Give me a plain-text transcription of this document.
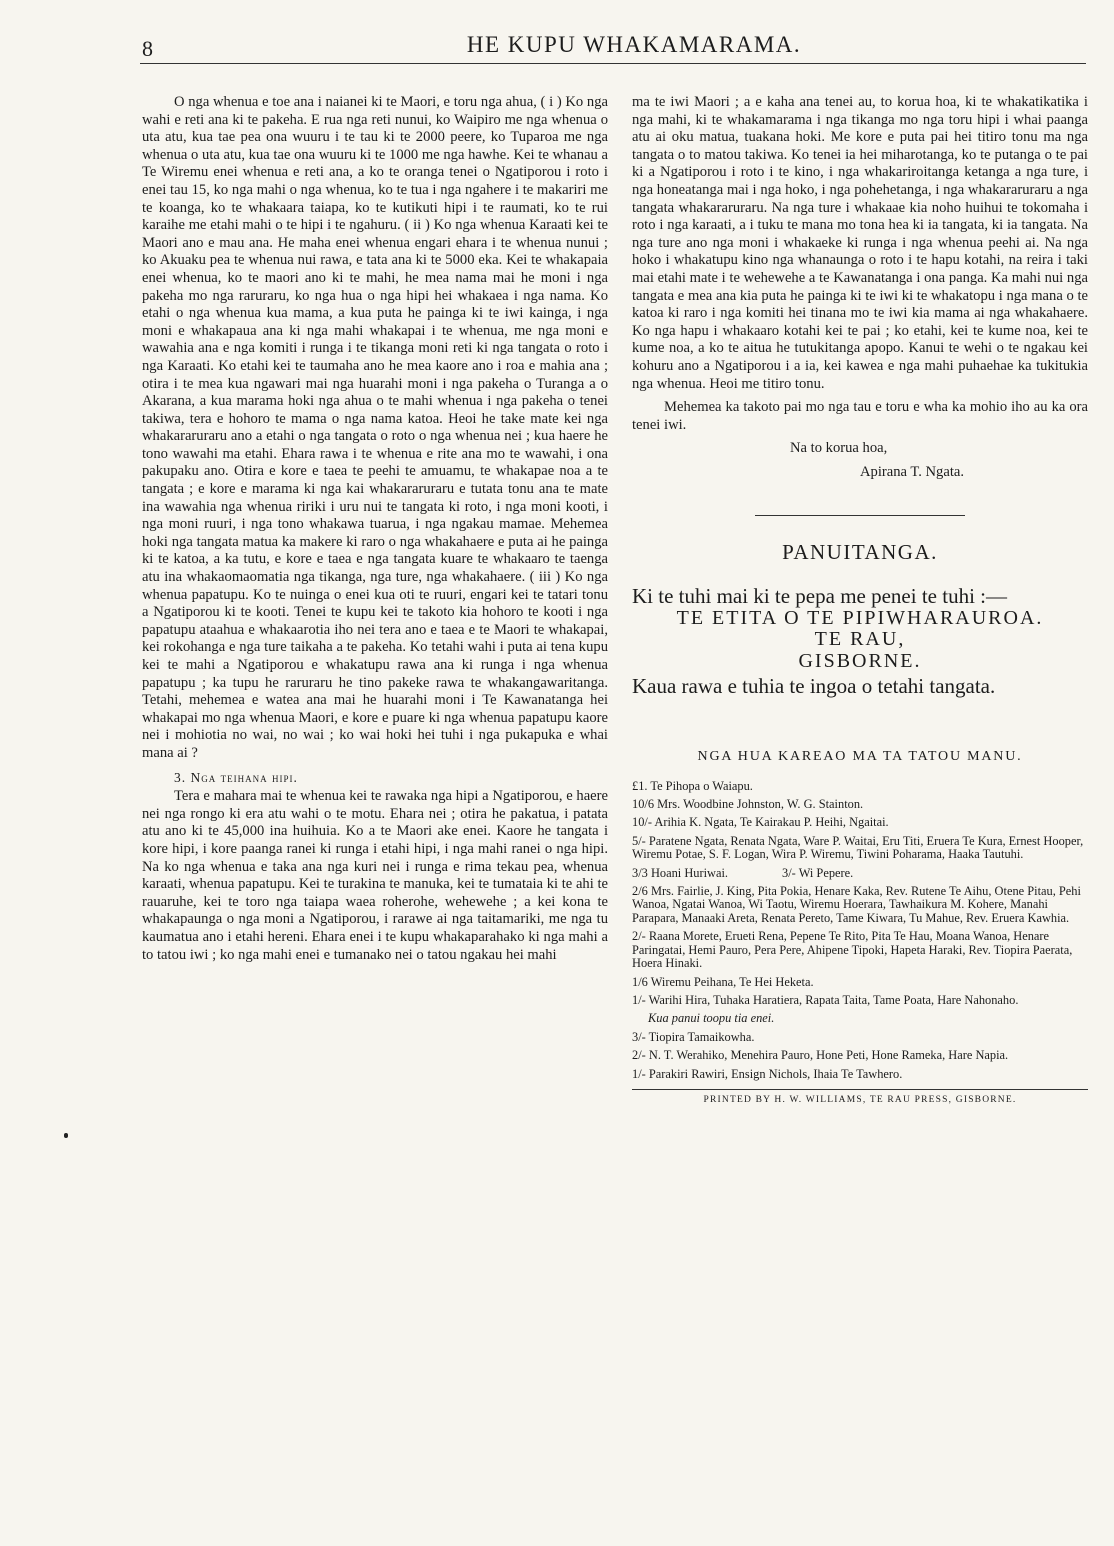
8	HE KUPU WHAKAMARAMA.

O nga whenua e toe ana i naianei ki te Maori, e toru nga ahua, ( i ) Ko nga wahi e reti ana ki te pakeha. E rua nga reti nunui, ko Waipiro me nga whenua o uta atu, kua tae pea ona wuuru i te tau ki te 2000 peere, ko Tuparoa me nga whenua o uta atu, kua tae ona wuuru ki te 1000 me nga hawhe. Kei te whanau a Te Wiremu enei whenua e reti ana, a ko te oranga tenei o Ngatiporou i roto i enei tau 15, ko nga mahi o nga whenua, ko te tua i nga ngahere i te makariri me te koanga, ko te whakaara taiapa, ko te kutikuti hipi i te raumati, ko te rui karaihe me etahi mahi o te hipi i te ngahuru. ( ii ) Ko nga whenua Karaati kei te Maori ano e mau ana. He maha enei whenua engari ehara i te whenua nunui ; ko Akuaku pea te whenua nui rawa, e tata ana ki te 5000 eka. Kei te whakapaia enei whenua, ko te maori ano ki te mahi, he mea nama mai he moni i nga pakeha mo nga raruraru, ko nga hua o nga hipi hei whakaea i nga nama. Ko etahi o nga whenua kua mama, a kua puta he painga ki te iwi kainga, i nga moni e whakapaua ana ki nga mahi whakapai i te whenua, me nga moni e wawahia ana e nga komiti i runga i te tikanga moni reti ki nga tangata o roto i nga Karaati. Ko etahi kei te taumaha ano he mea kaore ano i roa e mahia ana ; otira i te mea kua ngawari mai nga huarahi moni i nga pakeha o Turanga a o Akarana, a kua marama hoki nga ahua o te mahi whenua i nga pakeha o tenei takiwa, tera e hohoro te mama o nga nama katoa. Heoi he take mate kei nga whakararuraru ano a etahi o nga tangata o roto o nga whenua nei ; kua haere he tono wawahi ma etahi. Ehara rawa i te whenua e rite ana mo te wawahi, i ona pakupaku ano. Otira e kore e taea te peehi te amuamu, te whakapae noa a te tangata ; e kore e marama ki nga kai whakararuraru e tutata tonu ana te mate ina wawahia nga whenua ririki i uru nui te tangata ki roto, i nga moni kooti, i nga moni ruuri, i nga tono whakawa tuarua, i nga ngakau mamae. Mehemea hoki nga tangata matua ka makere ki raro o nga whakahaere e puta ai he painga ki te katoa, a ka tutu, e kore e taea e nga tangata kuare te whakaaro te taenga atu ina whakaomaomatia nga tikanga, nga ture, nga whakahaere. ( iii ) Ko nga whenua papatupu. Ko te nuinga o enei kua oti te ruuri, engari kei te tatari tonu a Ngatiporou ki te kooti. Tenei te kupu kei te takoto kia hohoro te kooti i nga papatupu ataahua e whakaarotia iho nei tera ano e taea e te Maori te whakapai, kei rokohanga e nga ture taikaha a te pakeha. Ko tetahi wahi i puta ai tena kupu kei te mahi a Ngatiporou e whakatupu rawa ana ki runga i nga whenua papatupu ; ka tupu he raruraru he tino pakeke rawa te whakangawaritanga. Tetahi, mehemea e watea ana mai he huarahi moni i Te Kawanatanga hei whakapai mo nga whenua Maori, e kore e puare ki nga whenua papatupu kaore nei i mohiotia no wai, no wai ; ko wai hoki hei tuhi i nga pukapuka e whai mana ai ?

3. Nga teihana hipi.

Tera e mahara mai te whenua kei te rawaka nga hipi a Ngatiporou, e haere nei nga rongo ki era atu wahi o te motu. Ehara nei ; otira he pakatua, i patata atu ano ki te 45,000 ina huihuia. Ko a te Maori ake enei. Kaore he tangata i kore hipi, i kore paanga ranei ki runga i etahi hipi, i nga mahi ranei o nga hipi. Na ko nga whenua e taka ana nga kuri nei i runga e rima tekau pea, whenua karaati, whenua papatupu. Kei te turakina te manuka, kei te tumataia ki te ahi te rauaruhe, kei te toro nga taiapa waea roherohe, wehewehe ; a kei kona te whakapaunga o nga moni a Ngatiporou, i rarawe ai nga taitamariki, me nga tu kaumatua ano i etahi hereni. Ehara enei i te kupu whakaparahako ki nga mahi a to tatou iwi ; ko nga mahi enei e tumanako nei o tatou ngakau hei mahi

ma te iwi Maori ; a e kaha ana tenei au, to korua hoa, ki te whakatikatika i nga mahi, ki te whakamarama i nga tikanga mo nga toru hipi i whai paanga atu ai oku matua, tuakana hoki. Me kore e puta pai hei titiro tonu ma nga tangata o to matou takiwa. Ko tenei ia hei miharotanga, ko te putanga o te pai ki a Ngatiporou i roto i te kino, i nga whakariroitanga ketanga a nga ture, i nga honeatanga mai i nga hoko, i nga pohehetanga, i nga whakararuraru a nga tangata whakararuraru. Na nga ture i whakaae kia noho huihui te tokomaha i roto i nga karaati, a i tuku te mana mo tona hea ki ia tangata, ki ia tangata. Na nga ture ano nga moni i whakaeke ki runga i nga whenua peehi ai. Na nga hoko i whakatupu kino nga whanaunga o roto i te hapu kotahi, na reira i taki mai etahi mate i te wehewehe a te Kawanatanga i ona panga. Ka mahi nui nga tangata e mea ana kia puta he painga ki te iwi ki te whakatopu i nga mana o te katoa ki raro i nga komiti hei tinana mo te iwi kia mama ai nga whakahaere. Ko nga hapu i whakaaro kotahi kei te pai ; ko etahi, kei te kume noa, kei te kume noa, a ko te aitua he tutukitanga apopo. Kanui te wehi o te ngakau kei kohuru ano a Ngatiporou i a ia, kei kawea e nga mahi puhaehae ka tukitukia nga whenua. Heoi me titiro tonu.

Mehemea ka takoto pai mo nga tau e toru e wha ka mohio iho au ka ora tenei iwi.

Na to korua hoa,
Apirana T. Ngata.
PANUITANGA.
Ki te tuhi mai ki te pepa me penei te tuhi :—
TE ETITA O TE PIPIWHARAUROA.
TE RAU,
GISBORNE.
Kaua rawa e tuhia te ingoa o tetahi tangata.
NGA HUA KAREAO MA TA TATOU MANU.
£1. Te Pihopa o Waiapu.
10/6 Mrs. Woodbine Johnston, W. G. Stainton.
10/- Arihia K. Ngata, Te Kairakau P. Heihi, Ngaitai.
5/- Paratene Ngata, Renata Ngata, Ware P. Waitai, Eru Titi, Eruera Te Kura, Ernest Hooper, Wiremu Potae, S. F. Logan, Wira P. Wiremu, Tiwini Poharama, Haaka Tautuhi.
3/3 Hoani Huriwai.	3/- Wi Pepere.
2/6 Mrs. Fairlie, J. King, Pita Pokia, Henare Kaka, Rev. Rutene Te Aihu, Otene Pitau, Pehi Wanoa, Ngatai Wanoa, Wi Taotu, Wiremu Hoerara, Tawhaikura M. Kohere, Manahi Paraparа, Manaaki Areta, Renata Pereto, Tame Kiwara, Tu Mahue, Rev. Eruera Kawhia.
2/- Raana Morete, Erueti Rena, Pepene Te Rito, Pita Te Hau, Moana Wanoa, Henare Paringatai, Hemi Pauro, Pera Pere, Ahipene Tipoki, Hapeta Haraki, Rev. Tiopira Paerata, Hoera Hinaki.
1/6 Wiremu Peihana, Te Hei Heketa.
1/- Warihi Hira, Tuhaka Haratiera, Rapata Taita, Tame Poata, Hare Nahonaho.
Kua panui toopu tia enei.
3/- Tiopira Tamaikowha.
2/- N. T. Werahiko, Menehira Pauro, Hone Peti, Hone Rameka, Hare Napia.
1/- Parakiri Rawiri, Ensign Nichols, Ihaia Te Tawhero.
PRINTED BY H. W. WILLIAMS, TE RAU PRESS, GISBORNE.
